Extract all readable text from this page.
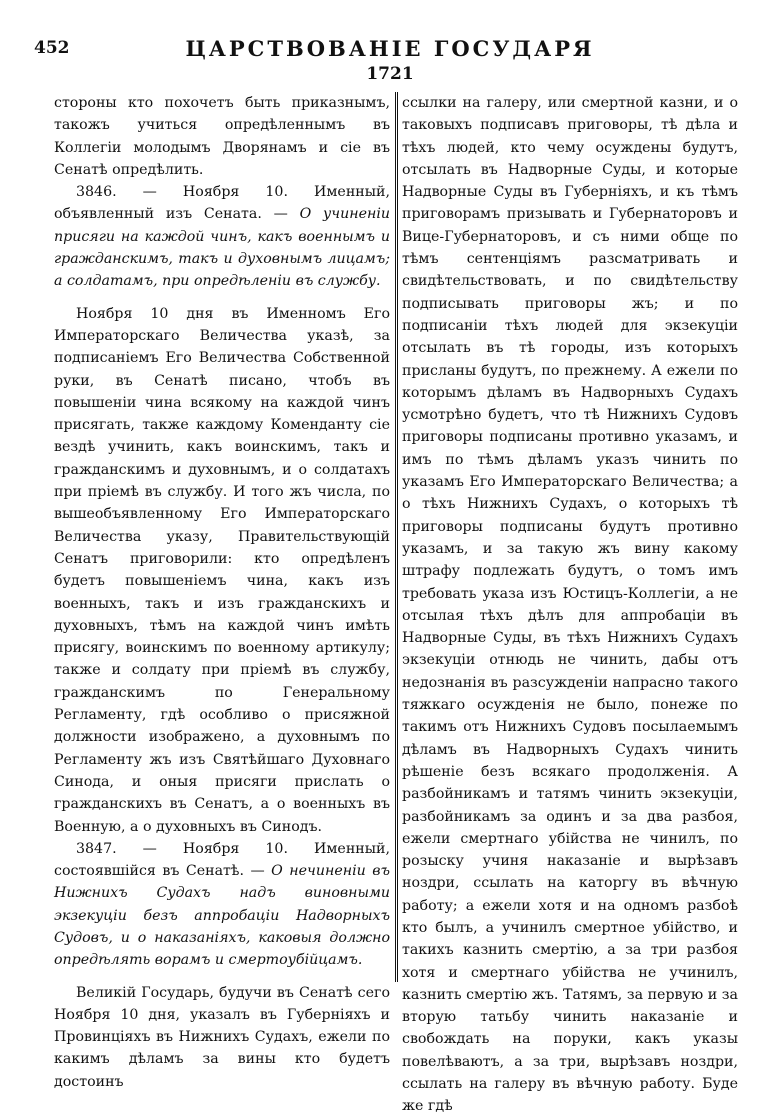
452	ЦАРСТВОВАНІЕ ГОСУДАРЯ
1721

стороны кто похочетъ быть приказнымъ, такожъ учиться опредѣленнымъ въ Коллегіи молодымъ Дворянамъ и сіе въ Сенатѣ опредѣлить.

3846. — Ноября 10. Именный, объявленный изъ Сената. — О учиненіи присяги на каждой чинъ, какъ военнымъ и гражданскимъ, такъ и духовнымъ лицамъ; а солдатамъ, при опредѣленіи въ службу.

Ноября 10 дня въ Именномъ Его Императорскаго Величества указѣ, за подписаніемъ Его Величества Собственной руки, въ Сенатѣ писано, чтобъ въ повышеніи чина всякому на каждой чинъ присягать, также каждому Коменданту сіе вездѣ учинить, какъ воинскимъ, такъ и гражданскимъ и духовнымъ, и о солдатахъ при пріемѣ въ службу. И того жъ числа, по вышеобъявленному Его Императорскаго Величества указу, Правительствующій Сенатъ приговорили: кто опредѣленъ будетъ повышеніемъ чина, какъ изъ военныхъ, такъ и изъ гражданскихъ и духовныхъ, тѣмъ на каждой чинъ имѣть присягу, воинскимъ по военному артикулу; также и солдату при пріемѣ въ службу, гражданскимъ по Генеральному Регламенту, гдѣ особливо о присяжной должности изображено, а духовнымъ по Регламенту жъ изъ Святѣйшаго Духовнаго Синода, и оныя присяги прислать о гражданскихъ въ Сенатъ, а о военныхъ въ Военную, а о духовныхъ въ Синодъ.

3847. — Ноября 10. Именный, состоявшійся въ Сенатѣ. — О нечиненіи въ Нижнихъ Судахъ надъ виновными экзекуціи безъ аппробаціи Надворныхъ Судовъ, и о наказаніяхъ, каковыя должно опредѣлять ворамъ и смертоубійцамъ.

Великій Государь, будучи въ Сенатѣ сего Ноября 10 дня, указалъ въ Губерніяхъ и Провинціяхъ въ Нижнихъ Судахъ, ежели по какимъ дѣламъ за вины кто будетъ достоинъ

ссылки на галеру, или смертной казни, и о таковыхъ подписавъ приговоры, тѣ дѣла и тѣхъ людей, кто чему осуждены будутъ, отсылать въ Надворные Суды, и которые Надворные Суды въ Губерніяхъ, и къ тѣмъ приговорамъ призывать и Губернаторовъ и Вице-Губернаторовъ, и съ ними обще по тѣмъ сентенціямъ разсматривать и свидѣтельствовать, и по свидѣтельству подписывать приговоры жъ; и по подписаніи тѣхъ людей для экзекуціи отсылать въ тѣ городы, изъ которыхъ присланы будутъ, по прежнему. А ежели по которымъ дѣламъ въ Надворныхъ Судахъ усмотрѣно будетъ, что тѣ Нижнихъ Судовъ приговоры подписаны противно указамъ, и имъ по тѣмъ дѣламъ указъ чинить по указамъ Его Императорскаго Величества; а о тѣхъ Нижнихъ Судахъ, о которыхъ тѣ приговоры подписаны будутъ противно указамъ, и за такую жъ вину какому штрафу подлежать будутъ, о томъ имъ требовать указа изъ Юстицъ-Коллегіи, а не отсылая тѣхъ дѣлъ для аппробаціи въ Надворные Суды, въ тѣхъ Нижнихъ Судахъ экзекуціи отнюдь не чинить, дабы отъ недознанія въ разсужденіи напрасно такого тяжкаго осужденія не было, понеже по такимъ отъ Нижнихъ Судовъ посылаемымъ дѣламъ въ Надворныхъ Судахъ чинить рѣшеніе безъ всякаго продолженія. А разбойникамъ и татямъ чинить экзекуціи, разбойникамъ за одинъ и за два разбоя, ежели смертнаго убійства не чинилъ, по розыску учиня наказаніе и вырѣзавъ ноздри, ссылать на каторгу въ вѣчную работу; а ежели хотя и на одномъ разбоѣ кто былъ, а учинилъ смертное убійство, и такихъ казнить смертію, а за три разбоя хотя и смертнаго убійства не учинилъ, казнить смертію жъ. Татямъ, за первую и за вторую татьбу чинить наказаніе и свобождать на поруки, какъ указы повелѣваютъ, а за три, вырѣзавъ ноздри, ссылать на галеру въ вѣчную работу. Буде же гдѣ
